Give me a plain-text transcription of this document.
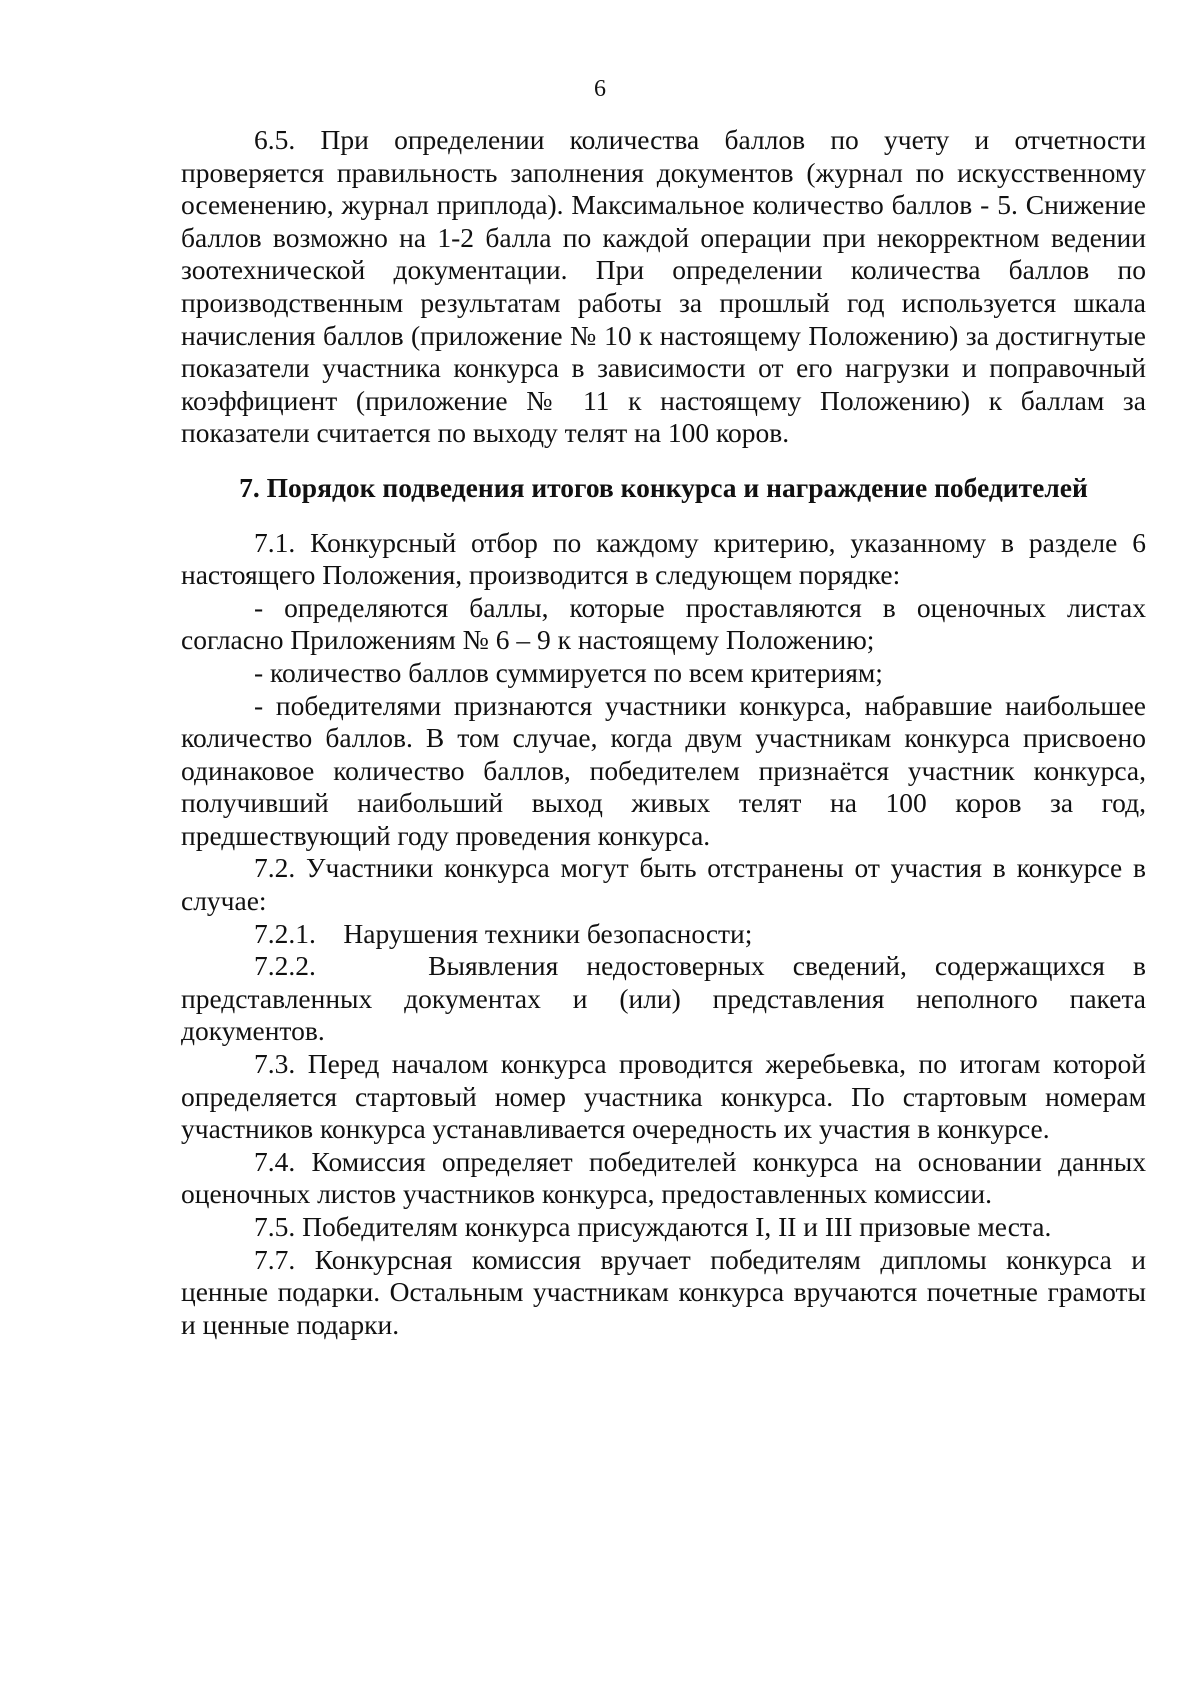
6

6.5. При определении количества баллов по учету и отчетности проверяется правильность заполнения документов (журнал по искусственному осеменению, журнал приплода). Максимальное количество баллов - 5. Снижение баллов возможно на 1-2 балла по каждой операции при некорректном ведении зоотехнической документации. При определении количества баллов по производственным результатам работы за прошлый год используется шкала начисления баллов (приложение № 10 к настоящему Положению) за достигнутые показатели участника конкурса в зависимости от его нагрузки и поправочный коэффициент (приложение № 11 к настоящему Положению) к баллам за показатели считается по выходу телят на 100 коров.

7. Порядок подведения итогов конкурса и награждение победителей

7.1. Конкурсный отбор по каждому критерию, указанному в разделе 6 настоящего Положения, производится в следующем порядке:

- определяются баллы, которые проставляются в оценочных листах согласно Приложениям № 6 – 9 к настоящему Положению;

- количество баллов суммируется по всем критериям;

- победителями признаются участники конкурса, набравшие наибольшее количество баллов. В том случае, когда двум участникам конкурса присвоено одинаковое количество баллов, победителем признаётся участник конкурса, получивший наибольший выход живых телят на 100 коров за год, предшествующий году проведения конкурса.

7.2. Участники конкурса могут быть отстранены от участия в конкурсе в случае:

7.2.1.    Нарушения техники безопасности;

7.2.2.    Выявления недостоверных сведений, содержащихся в представленных документах и (или) представления неполного пакета документов.

7.3. Перед началом конкурса проводится жеребьевка, по итогам которой определяется стартовый номер участника конкурса. По стартовым номерам участников конкурса устанавливается очередность их участия в конкурсе.

7.4. Комиссия определяет победителей конкурса на основании данных оценочных листов участников конкурса, предоставленных комиссии.

7.5. Победителям конкурса присуждаются I, II и III призовые места.

7.7. Конкурсная комиссия вручает победителям дипломы конкурса и ценные подарки. Остальным участникам конкурса вручаются почетные грамоты и ценные подарки.
